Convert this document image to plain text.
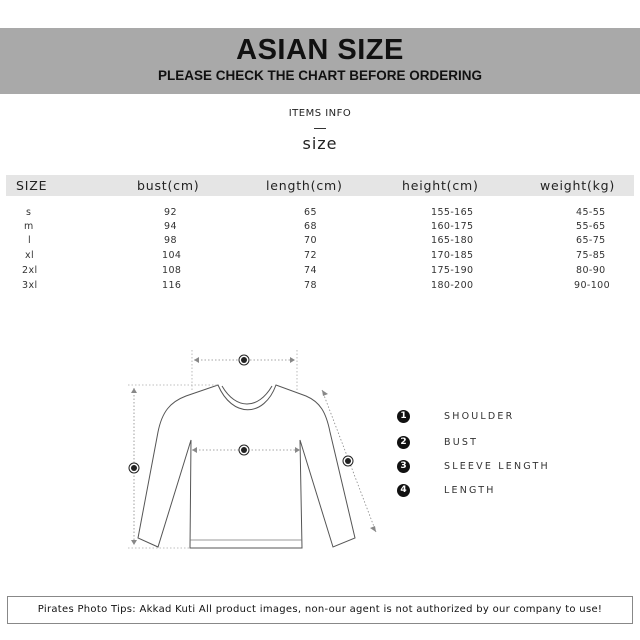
ASIAN SIZE
PLEASE CHECK THE CHART BEFORE ORDERING
ITEMS INFO
size
SIZE	bust(cm)	length(cm)	height(cm)	weight(kg)
s	92	65	155-165	45-55
m	94	68	160-175	55-65
l	98	70	165-180	65-75
xl	104	72	170-185	75-85
2xl	108	74	175-190	80-90
3xl	116	78	180-200	90-100
1	SHOULDER
2	BUST
3	SLEEVE LENGTH
4	LENGTH
Pirates Photo Tips: Akkad Kuti All product images, non-our agent is not authorized by our company to use!
